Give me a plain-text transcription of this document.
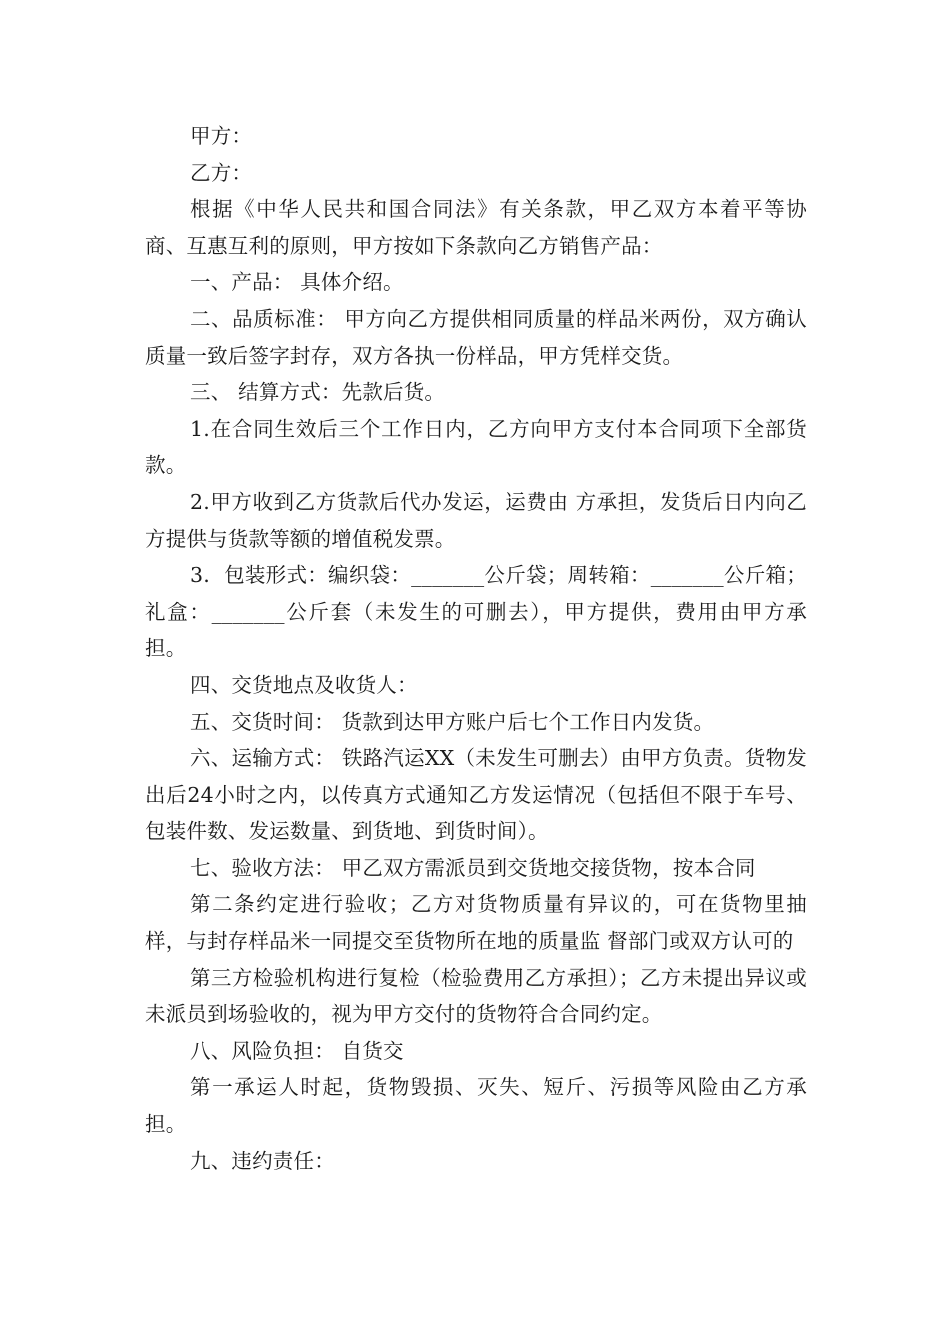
甲方：

乙方：

根据《中华人民共和国合同法》有关条款，甲乙双方本着平等协商、互惠互利的原则，甲方按如下条款向乙方销售产品：

一、产品： 具体介绍。

二、品质标准： 甲方向乙方提供相同质量的样品米两份，双方确认质量一致后签字封存，双方各执一份样品，甲方凭样交货。

三、 结算方式：先款后货。

1.在合同生效后三个工作日内，乙方向甲方支付本合同项下全部货款。

2.甲方收到乙方货款后代办发运，运费由 方承担，发货后日内向乙方提供与货款等额的增值税发票。

3．包装形式：编织袋：_______公斤袋；周转箱：_______公斤箱；礼盒：_______公斤套（未发生的可删去），甲方提供，费用由甲方承担。

四、交货地点及收货人：

五、交货时间： 货款到达甲方账户后七个工作日内发货。

六、运输方式： 铁路汽运XX（未发生可删去）由甲方负责。货物发出后24小时之内，以传真方式通知乙方发运情况（包括但不限于车号、包装件数、发运数量、到货地、到货时间）。

七、验收方法： 甲乙双方需派员到交货地交接货物，按本合同

第二条约定进行验收；乙方对货物质量有异议的，可在货物里抽样，与封存样品米一同提交至货物所在地的质量监 督部门或双方认可的

第三方检验机构进行复检（检验费用乙方承担）；乙方未提出异议或未派员到场验收的，视为甲方交付的货物符合合同约定。

八、风险负担： 自货交

第一承运人时起，货物毁损、灭失、短斤、污损等风险由乙方承担。

九、违约责任：
